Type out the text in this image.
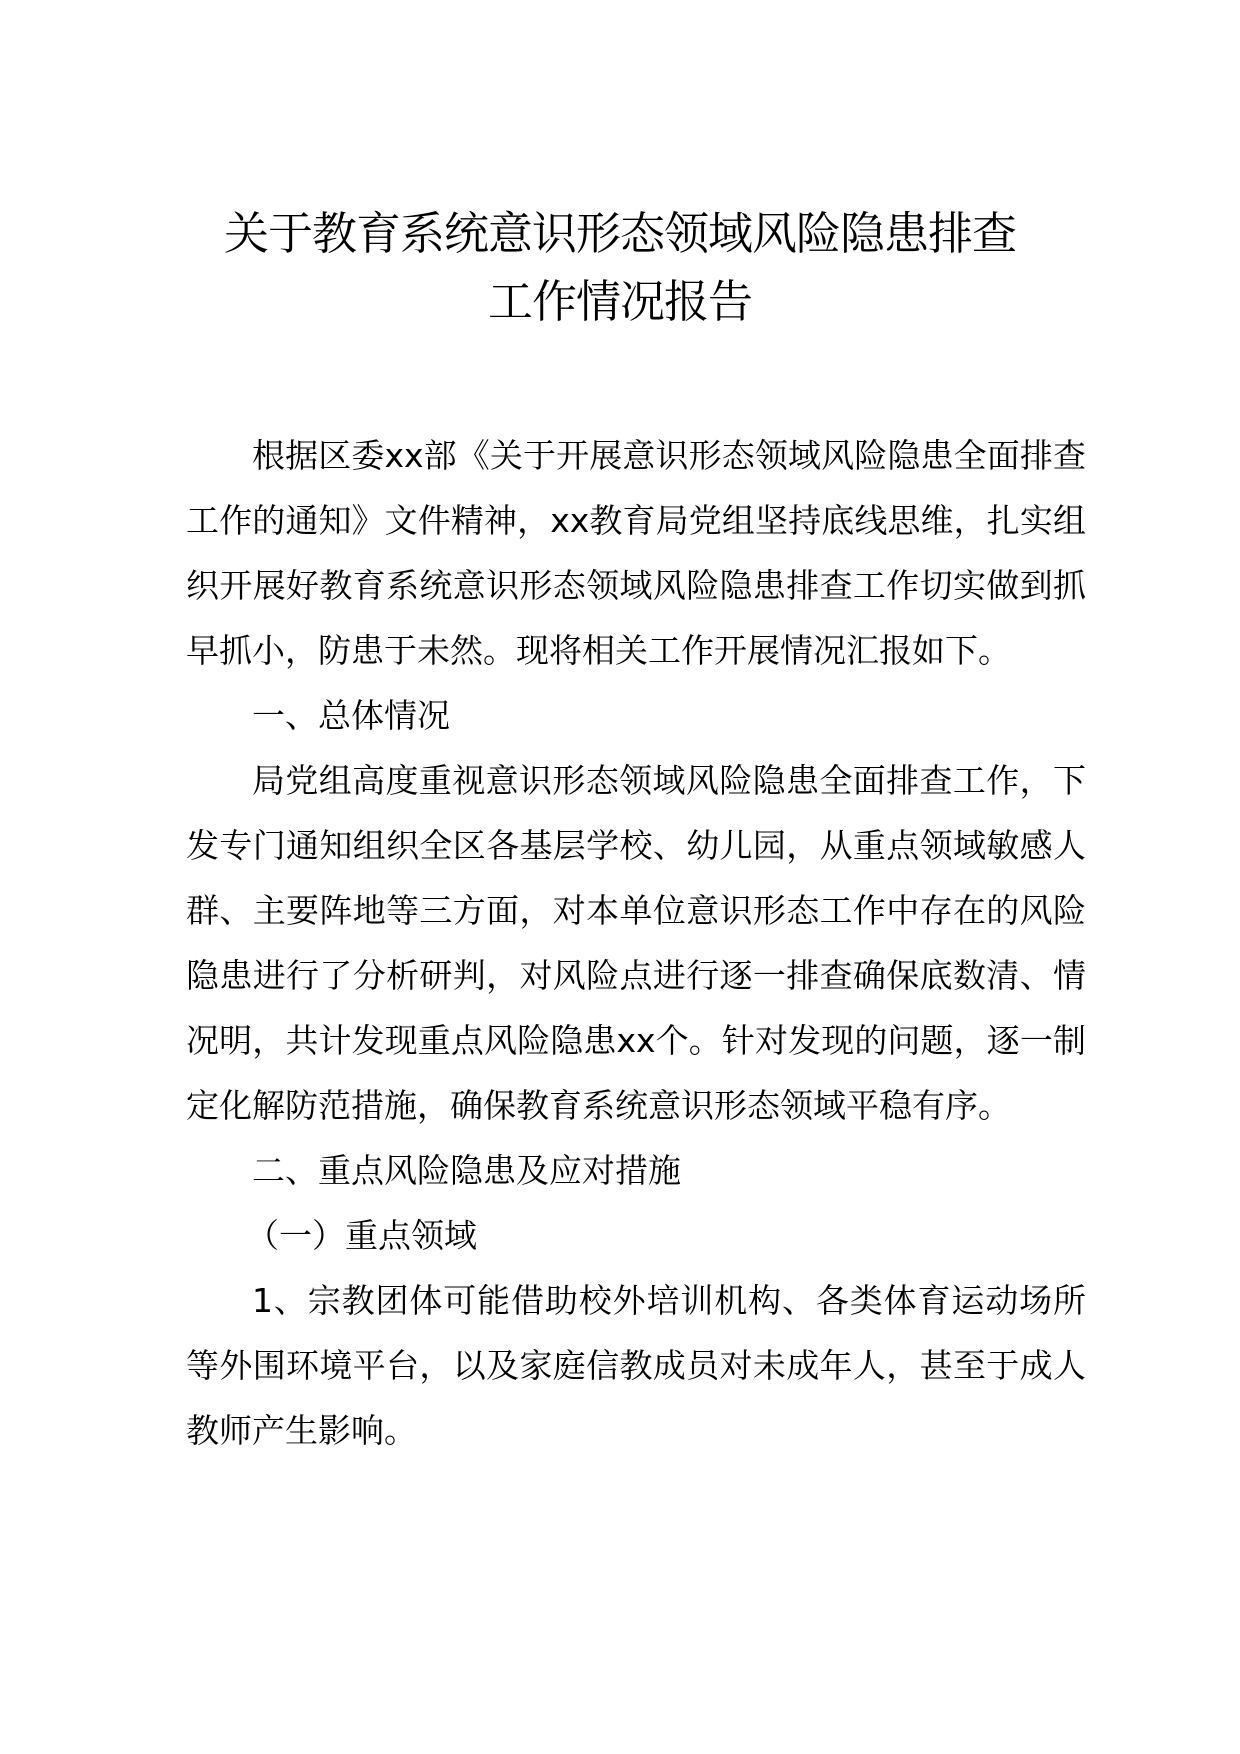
关于教育系统意识形态领域风险隐患排查
工作情况报告

根据区委xx部《关于开展意识形态领域风险隐患全面排查工作的通知》文件精神，xx教育局党组坚持底线思维，扎实组织开展好教育系统意识形态领域风险隐患排查工作切实做到抓早抓小，防患于未然。现将相关工作开展情况汇报如下。

一、总体情况

局党组高度重视意识形态领域风险隐患全面排查工作，下发专门通知组织全区各基层学校、幼儿园，从重点领域敏感人群、主要阵地等三方面，对本单位意识形态工作中存在的风险隐患进行了分析研判，对风险点进行逐一排查确保底数清、情况明，共计发现重点风险隐患xx个。针对发现的问题，逐一制定化解防范措施，确保教育系统意识形态领域平稳有序。

二、重点风险隐患及应对措施

（一）重点领域

1、宗教团体可能借助校外培训机构、各类体育运动场所等外围环境平台，以及家庭信教成员对未成年人，甚至于成人教师产生影响。
